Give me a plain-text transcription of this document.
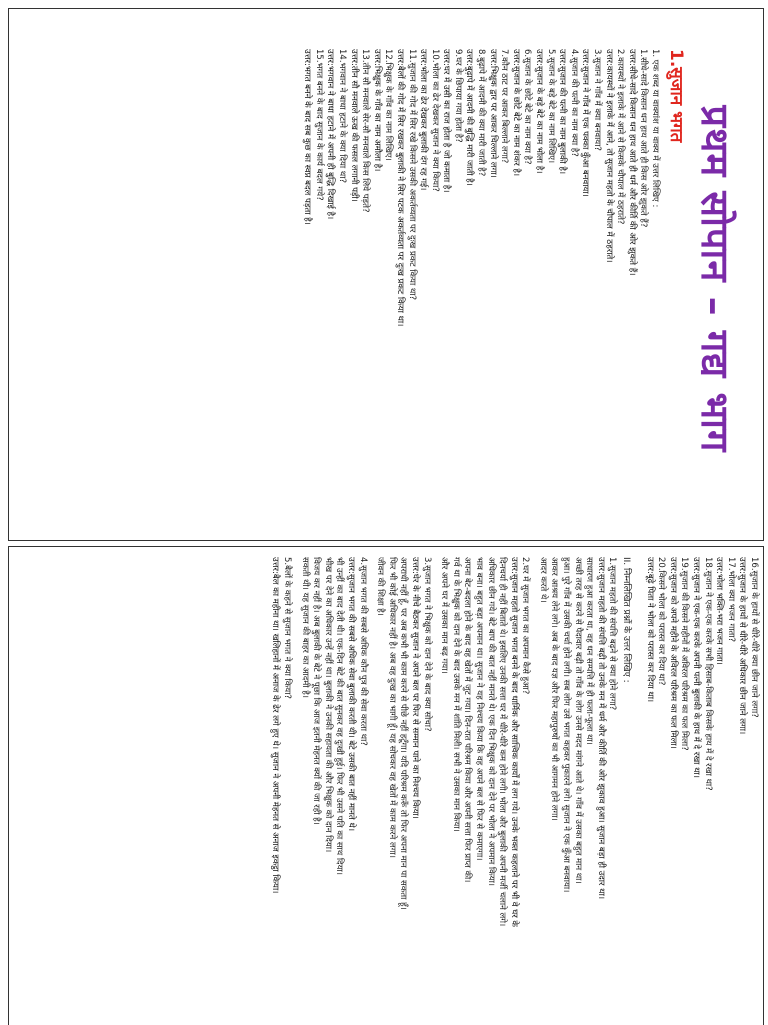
प्रथम सोपान – गद्य भाग
1.सुजान भगत
1. एक शब्द या वाक्यांश या वाक्य में उत्तर लिखिए :
1.सीधे-सादे किसान धन हाथ आते ही किस ओर झुकते हैं?
उत्तर:सीधे-सादे किसान धन हाथ आते ही धर्म और कीर्ति की ओर झुकते हैं।
2.कायस्थों ने इलाके में आने से किसके चौपाल में ठहराते?
उत्तर:कायस्थों ने इलाके में आने, तो सुजान महतो के चौपाल में ठहराते।
3.सुजान ने गाँव में क्या बनवाया?
उत्तर:सुजान ने गाँव में एक पक्का कुँआ बनवाया।
4.सुजान की पत्नी का नाम क्या है?
उत्तर:सुजान की पत्नी का नाम बुलाकी है।
5.सुजान के बड़े बेटे का नाम लिखिए।
उत्तर:सुजान के बड़े बेटे का नाम भोला है।
6.सुजान के छोटे बेटे का नाम क्या है?
उत्तर:सुजान के छोटे बेटे का नाम शंकर है।
7.कौन ठाट पर आकर बिल्लाने लगा?
उत्तर:भिक्षुक द्वार पर आकर चिल्लाने लगा।
8.बुढ़ापे में आदमी की क्या मारी जाती है?
उत्तर:बुढ़ापे में आदमी की बुद्धि मारी जाती है।
9.घर के छिपाया गया होता है?
उत्तर:घर में उसी का राज होता है जो कमाता है।
10.भोला का ढेर देखकर सुजान ने क्या किया?
उत्तर:भोला का ढेर देखकर बुलाकी दंग रह गई।
11.सुजान की गोद में सिर रखे किसने उसकी अकर्तव्यता पर दुःख प्रकट किया था?
उत्तर:बैलों की गोद में सिर रखकर बुलाकी ने सिर पटक अकर्तव्यता पर दुःख प्रकट किया था।
12.भिक्षुक के गाँव का नाम लिखिए।
उत्तर:भिक्षुक के गाँव का नाम अमौला है।
13.तीन सौ मनवाले सेर-सौ मनवाले किस लिये पड़ते?
उत्तर:तीन सौ मनवाले ऊख की फसल लगानी पड़ी।
14.भगवान ने बाधा हटाने के क्या दिया था?
उत्तर:भगवान ने बाधा हटाने में अपनी ही बुद्धि दिखाई है।
15.भगत बनने के बाद सुजान के कार्य बदल गये?
उत्तर:भगत बनने के बाद सब कुछ का स्वप्न बदल पड़ता है।
16.सुजान के हाथों से धीरे-धीरे क्या छीन जाने लगा?
उत्तर:सुजान के हाथों से धीरे-धीरे अधिकार छीन जाने लगा।
17.भोला क्या भजन गाता?
उत्तर:भोला भक्ति-भरा भजन गाता।
18.सुजान ने एक-एक करके सभी हिसाब-किताब किसके हाथ में दे रखा था?
उत्तर:सुजान ने एक-एक करके अपनी पत्नी बुलाकी के हाथ में दे रखा था।
19.सुजान की किसने महीनों में अविरल परिश्रम का फल मिला?
उत्तर:सुजान को अपने महीने के अविरल परिश्रम का फल मिला।
20.किसने भोला को परास्त कर दिया था?
उत्तर:बूढ़े पिता ने भोला को परास्त कर दिया था।
II. निम्नलिखित प्रश्नों के उत्तर लिखिए :
1.सुजान महतो की संपत्ति बढ़ने से क्या होने लगा?
उत्तर:सुजान महतो की संपत्ति बढ़ी तो उनके मन में धर्म और कीर्ति की ओर झुकाव हुआ। सुजान बड़ा ही उदार था।
साधारण हुआ करता था, वह धन सम्पत्ति में ही फला-फूला था।
अच्छी तरह से करने से पैदावार बढ़ी तो गाँव के लोग उनसे मदद मांगने आते थे। गाँव में उसका बहुत मान था।
हुआ। पुरे गाँव में उसकी चर्चा होने लगी। सब लोग उसे भगत कहकर पुकारने लगे। सुजान ने एक कुँआ बनवाया।
आकर आश्रय लेने लगे। अब के बाद यज्ञ और फिर महापुरुषों का भी आगमन होने लगा।
आदर करते थे।
2.घर में सुजान भगत का अपमान कैसे हुआ?
उत्तर:सुजान महतो सुजान भगत बनने के बाद धार्मिक और सात्त्विक कार्यों में लग गये। उनके भक्त कहलाने पर भी वे घर के
दिनचर्या ही नहीं बिताते थे। इसलिए उनकी सत्ता घर में धीरे-धीरे कम होने लगी। भोला और बुलाकी अपनी मर्जी चलाने लगे।
अधिकार छीन गये। बेटे बाप की बात नहीं मानते थे। एक दिन भिक्षुक को दान देने पर भोला ने अपमान किया।
भाव बना। बहुत बड़ा अपमान था। सुजान ने यह निश्चय किया कि वह अपने बल से फिर से कमाएगा।
अपना बेट-बदला होने के बाद वह खेतों में जुट गया। दिन-रात परिश्रम किया और अपनी सत्ता फिर प्राप्त की।
गर्व था के भिक्षुक को दान देने के बाद उसके मन में शांति मिली। सभी ने उसका मान किया।
और अपने घर में उसका मान बढ़ गया।
3.सुजान भगत ने भिक्षुक को दान देने के बाद क्या सोचा?
उत्तर:घेर के नीचे बैठकर सुजान ने अपने बल पर फिर से सम्मान पाने का निश्चय किया।
अपराधी नहीं हूँ, पर अब कभी भी काम करने से पीछे नहीं हटूँगा। यदि परिश्रम करूँ तो फिर अपना मान पा सकता हूँ।
फिर भी कोई अधिकार नहीं है। अब वह दुःख का भागी हूँ। यह सोचकर वह खेतों में काम करने लगा।
जीवन की शिक्षा है।
4.सुजान भगत की सबसे अधिक कौन पुत्र की सेवा करता था?
उत्तर:सुजान भगत की सबसे अधिक सेवा बुलाकी करती थी। बेटे उसकी बात नहीं मानते थे।
भी उन्हीं का बाद देती थी। एक-दिन बेटे की बात सुनकर वह दुःखी हुई। फिर भी उसने पति का साथ दिया।
भीख पर देने का अधिकार उन्हें नहीं था। बुलाकी ने उनकी सहायता की और भिक्षुक को दान दिया।
विजय कर नहीं है। अब बुलाकी के बेटे ने पूछा कि आज इतनी मेहनत क्यों की जा रही है।
सकती थी। यह सुजान की बाहर का आदमी है।
5.बैलों के कहने से सुजान भगत ने क्या किया?
उत्तर:बैल का महीना था। खलिहानों में अनाज के ढेर लगे हुए थे। सुजान ने अपनी मेहनत से अनाज इकट्ठा किया।
